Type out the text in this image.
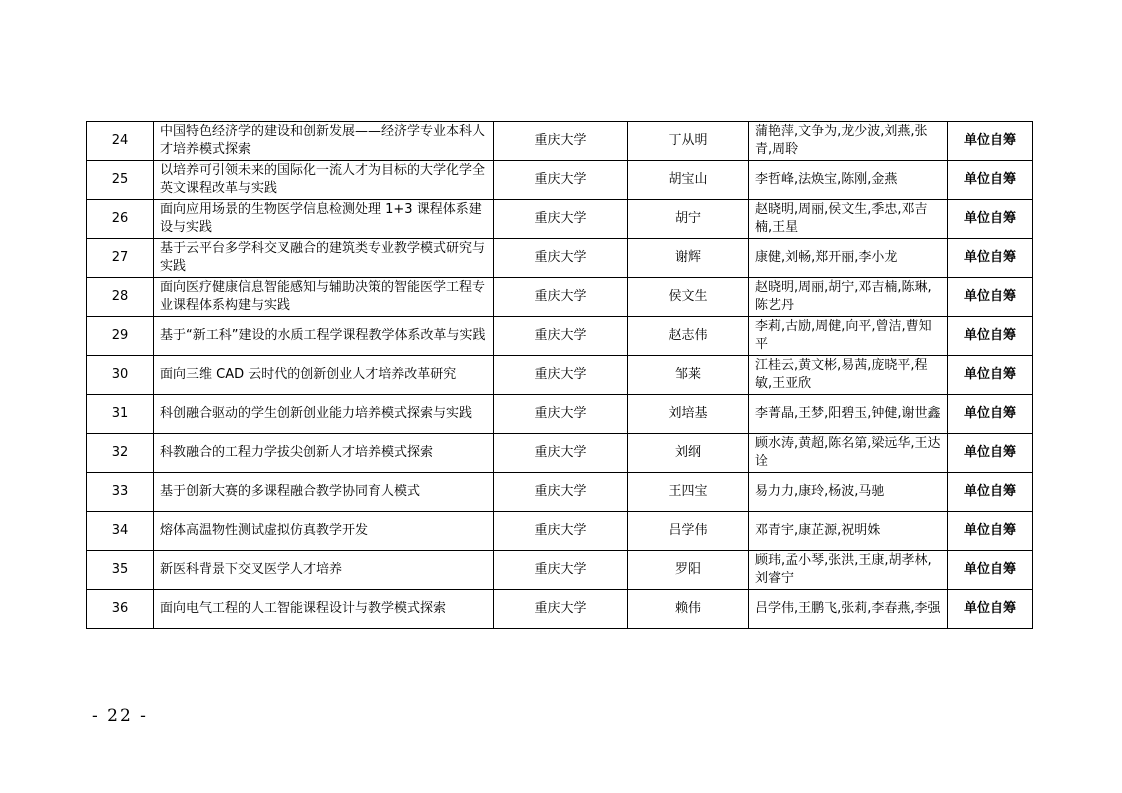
24	中国特色经济学的建设和创新发展——经济学专业本科人才培养模式探索	重庆大学	丁从明	蒲艳萍,文争为,龙少波,刘燕,张青,周聆	单位自筹
25	以培养可引领未来的国际化一流人才为目标的大学化学全英文课程改革与实践	重庆大学	胡宝山	李哲峰,法焕宝,陈刚,金燕	单位自筹
26	面向应用场景的生物医学信息检测处理 1+3 课程体系建设与实践	重庆大学	胡宁	赵晓明,周丽,侯文生,季忠,邓吉楠,王星	单位自筹
27	基于云平台多学科交叉融合的建筑类专业教学模式研究与实践	重庆大学	谢辉	康健,刘畅,郑开丽,李小龙	单位自筹
28	面向医疗健康信息智能感知与辅助决策的智能医学工程专业课程体系构建与实践	重庆大学	侯文生	赵晓明,周丽,胡宁,邓吉楠,陈琳,陈艺丹	单位自筹
29	基于“新工科”建设的水质工程学课程教学体系改革与实践	重庆大学	赵志伟	李莉,古励,周健,向平,曾洁,曹知平	单位自筹
30	面向三维 CAD 云时代的创新创业人才培养改革研究	重庆大学	邹莱	江桂云,黄文彬,易茜,庞晓平,程敏,王亚欣	单位自筹
31	科创融合驱动的学生创新创业能力培养模式探索与实践	重庆大学	刘培基	李菁晶,王梦,阳碧玉,钟健,谢世鑫	单位自筹
32	科教融合的工程力学拔尖创新人才培养模式探索	重庆大学	刘纲	顾水涛,黄超,陈名第,梁远华,王达诠	单位自筹
33	基于创新大赛的多课程融合教学协同育人模式	重庆大学	王四宝	易力力,康玲,杨波,马驰	单位自筹
34	熔体高温物性测试虚拟仿真教学开发	重庆大学	吕学伟	邓青宇,康芷源,祝明姝	单位自筹
35	新医科背景下交叉医学人才培养	重庆大学	罗阳	顾玮,孟小琴,张洪,王康,胡孝林,刘睿宁	单位自筹
36	面向电气工程的人工智能课程设计与教学模式探索	重庆大学	赖伟	吕学伟,王鹏飞,张莉,李春燕,李强	单位自筹
- 22 -
